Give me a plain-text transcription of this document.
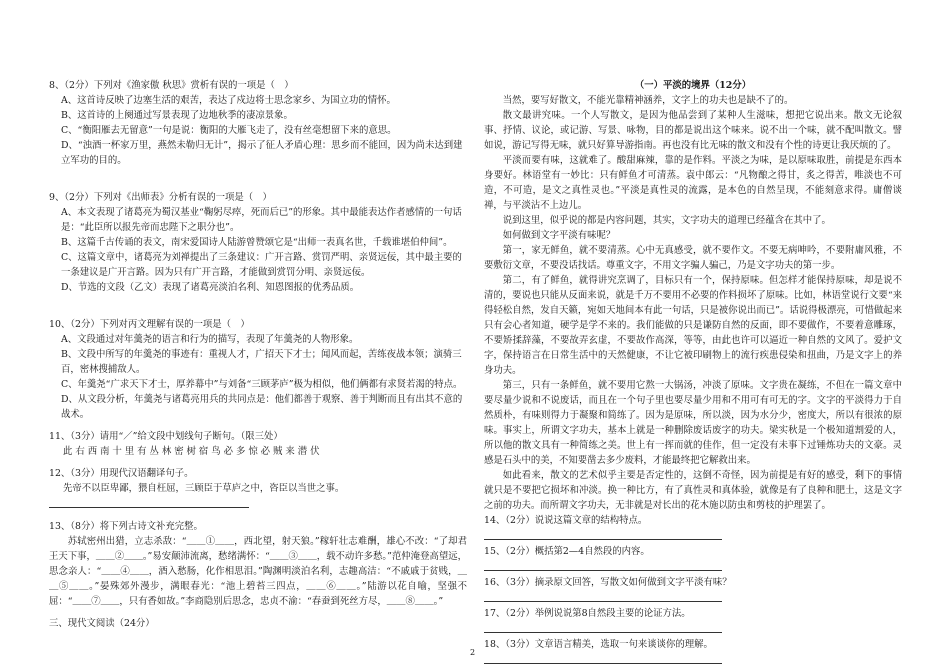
8、（2分）下列对《渔家傲 秋思》赏析有误的一项是（　）

A、这首诗反映了边塞生活的艰苦，表达了戍边将士思念家乡、为国立功的情怀。

B、这首诗的上阕通过写景表现了边地秋季的凄凉景象。

C、“衡阳雁去无留意”一句是说：衡阳的大雁飞走了，没有丝毫想留下来的意思。

D、“浊酒一杯家万里，燕然未勒归无计”，揭示了征人矛盾心理：思乡而不能回，因为尚未达到建立军功的目的。

9、（2分）下列对《出师表》分析有误的一项是（　）

A、本文表现了诸葛亮为蜀汉基业“鞠躬尽瘁，死而后已”的形象。其中最能表达作者感情的一句话是：“此臣所以报先帝而忠陛下之职分也”。

B、这篇千古传诵的表文，南宋爱国诗人陆游曾赞颂它是“出师一表真名世，千载谁堪伯仲间”。

C、这篇文章中，诸葛亮为刘禅提出了三条建议：广开言路、赏罚严明、亲贤远佞，其中最主要的一条建议是广开言路。因为只有广开言路，才能做到赏罚分明、亲贤远佞。

D、节选的文段（乙文）表现了诸葛亮淡泊名利、知恩图报的优秀品质。

10、（2分）下列对丙文理解有误的一项是（　）

A、文段通过对年羹尧的语言和行为的描写，表现了年羹尧的人物形象。

B、文段中所写的年羹尧的事迹有：重视人才，广招天下才士；闻风而起，苦练夜战本领；演骑三百，密林搜捕敌人。

C、年羹尧“广求天下才士，厚养幕中”与刘备“三顾茅庐”极为相似，他们俩都有求贤若渴的特点。

D、从文段分析，年羹尧与诸葛亮用兵的共同点是：他们都善于观察、善于判断而且有出其不意的战术。

11、（3分）请用“／”给文段中划线句子断句。（限三处）

此 右 西 南 十 里 有 丛 林 密 树 宿 鸟 必 多 惊 必 贼 来 潜 伏

12、（3分）用现代汉语翻译句子。

先帝不以臣卑鄙，猥自枉屈，三顾臣于草庐之中，咨臣以当世之事。

13、（8分）将下列古诗文补充完整。

苏轼密州出猎，立志杀敌：“＿＿①＿＿，西北望，射天狼。”稼轩壮志难酬，雄心不改：“了却君王天下事，＿＿②＿＿。”易安颠沛流离，愁绪满怀：“＿＿③＿＿，载不动许多愁。”范仲淹登高望远，思念亲人：“＿＿④＿＿，酒入愁肠，化作相思泪。”陶渊明淡泊名利，志趣高洁：“不戚戚于贫贱，＿＿⑤＿＿。”晏殊郊外漫步，满眼春光：“池上碧苔三四点，＿＿⑥＿＿。”陆游以花自喻，坚强不屈：“＿＿⑦＿＿，只有香如故。”李商隐别后思念，忠贞不渝：“春蚕到死丝方尽，＿＿⑧＿＿。”

三、现代文阅读（24分）

（一）平淡的境界（12分）

当然，要写好散文，不能光靠精神涵养，文字上的功夫也是缺不了的。

散文最讲究味。一个人写散文，是因为他品尝到了某种人生滋味，想把它说出来。散文无论叙事、抒情、议论，或记游、写景、咏物，目的都是说出这个味来。说不出一个味，就不配叫散文。譬如说，游记写得无味，就只好算导游指南。再也没有比无味的散文和没有个性的诗更让我厌烦的了。

平淡而要有味，这就难了。酸甜麻辣，靠的是作料。平淡之为味，是以原味取胜，前提是东西本身要好。林语堂有一妙比：只有鲜鱼才可清蒸。袁中郎云：“凡物酿之得甘，炙之得苦，唯淡也不可造，不可造，是文之真性灵也。”平淡是真性灵的流露，是本色的自然呈现，不能刻意求得。庸僧谈禅，与平淡沾不上边儿。

说到这里，似乎说的都是内容问题，其实，文字功夫的道理已经蕴含在其中了。

如何做到文字平淡有味呢？

第一，家无鲜鱼，就不要清蒸。心中无真感受，就不要作文。不要无病呻吟，不要附庸风雅，不要敷衍文章，不要没话找话。尊重文字，不用文字骗人骗己，乃是文字功夫的第一步。

第二，有了鲜鱼，就得讲究烹调了，目标只有一个，保持原味。但怎样才能保持原味，却是说不清的，要说也只能从反面来说，就是千万不要用不必要的作料损坏了原味。比如，林语堂说行文要“来得轻松自然，发自天籁，宛如天地间本有此一句话，只是被你说出而已”。话说得极漂亮，可惜做起来只有会心者知道，硬学是学不来的。我们能做的只是谦防自然的反面，即不要做作，不要着意雕琢，不要矫揉辞藻，不要故弄玄虚，不要故作高深，等等，由此也许可以逼近一种自然的文风了。爱护文字，保持语言在日常生活中的天然健康，不让它被印刷物上的流行疾患侵染和扭曲，乃是文字上的养身功夫。

第三，只有一条鲜鱼，就不要用它熬一大锅汤，冲淡了原味。文字贵在凝练，不但在一篇文章中要尽量少说和不说废话，而且在一个句子里也要尽量少用和不用可有可无的字。文字的平淡得力于自然质朴，有味则得力于凝聚和简练了。因为是原味，所以淡，因为水分少，密度大，所以有很浓的原味。事实上，所谓文字功夫，基本上就是一种删除废话废字的功夫。梁实秋是一个极知道割爱的人，所以他的散文具有一种简练之美。世上有一挥而就的佳作，但一定没有未事下过锤炼功夫的文豪。灵感是石头中的美，不知要凿去多少废料，才能最终把它解救出来。

如此看来，散文的艺术似乎主要是否定性的，这倒不奇怪，因为前提是有好的感受，剩下的事情就只是不要把它损坏和冲淡。换一种比方，有了真性灵和真体验，就像是有了良种和肥土，这是文字之前的功夫。而所谓文字功夫，无非就是对长出的花木施以防虫和剪枝的护理罢了。

14、（2分）说说这篇文章的结构特点。

15、（2分）概括第2—4自然段的内容。

16、（3分）摘录原文回答，写散文如何做到文字平淡有味？

17、（2分）举例说说第8自然段主要的论证方法。

18、（3分）文章语言精美，选取一句来谈谈你的理解。

2
